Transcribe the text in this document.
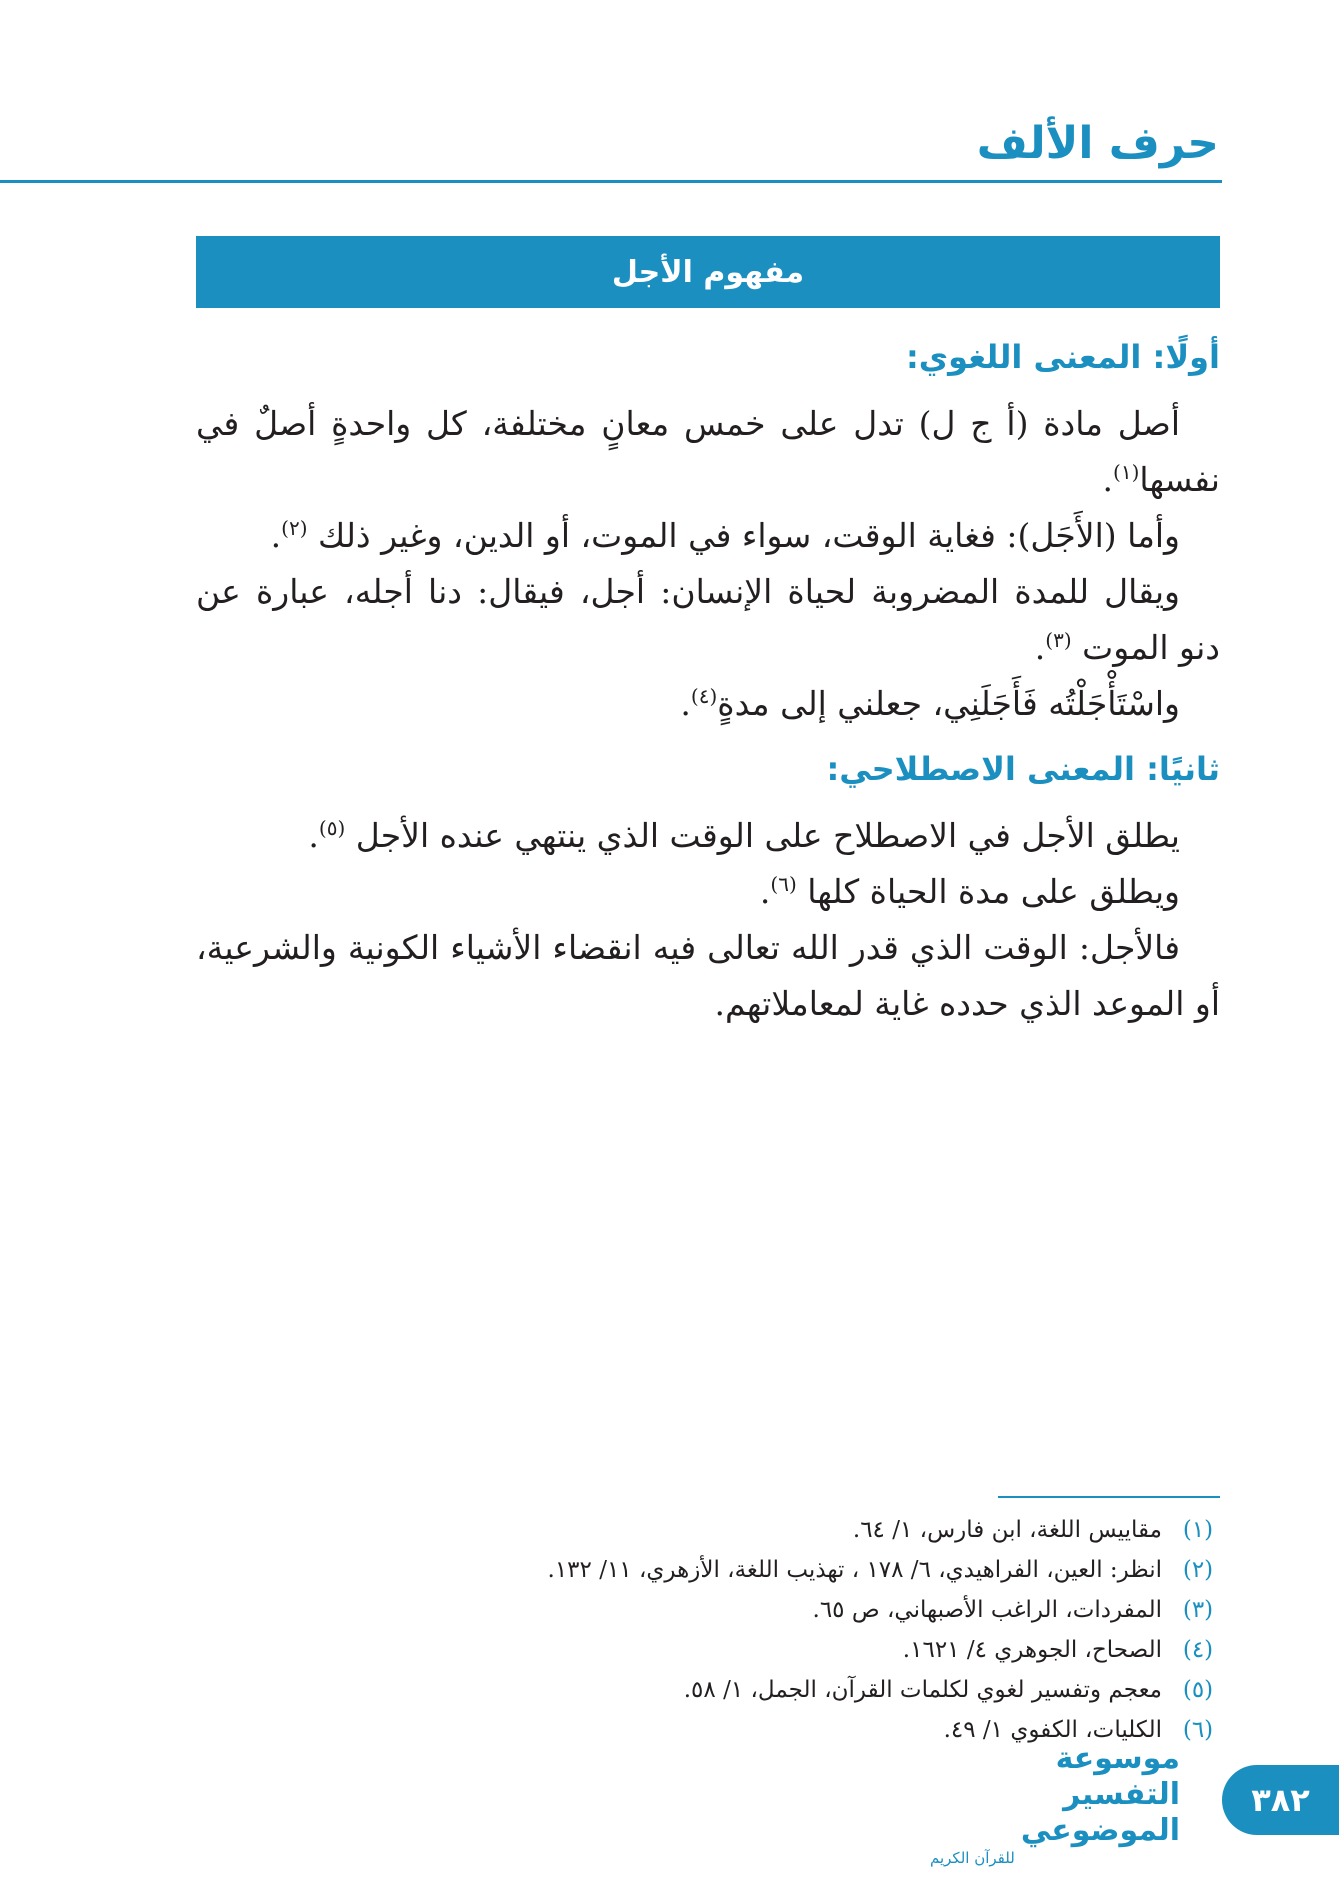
حرف الألف
مفهوم الأجل
أولًا: المعنى اللغوي:

أصل مادة (أ ج ل) تدل على خمس معانٍ مختلفة، كل واحدةٍ أصلٌ في نفسها$^{(١)}$.

وأما (الأَجَل): فغاية الوقت، سواء في الموت، أو الدين، وغير ذلك $^{(٢)}$.

ويقال للمدة المضروبة لحياة الإنسان: أجل، فيقال: دنا أجله، عبارة عن دنو الموت $^{(٣)}$.

واسْتَأْجَلْتُه فَأَجَلَنِي، جعلني إلى مدةٍ$^{(٤)}$.

ثانيًا: المعنى الاصطلاحي:

يطلق الأجل في الاصطلاح على الوقت الذي ينتهي عنده الأجل $^{(٥)}$.

ويطلق على مدة الحياة كلها $^{(٦)}$.

فالأجل: الوقت الذي قدر الله تعالى فيه انقضاء الأشياء الكونية والشرعية، أو الموعد الذي حدده غاية لمعاملاتهم.

(١)
مقاييس اللغة، ابن فارس، ١/ ٦٤.
(٢)
انظر: العين، الفراهيدي، ٦/ ١٧٨ ، تهذيب اللغة، الأزهري، ١١/ ١٣٢.
(٣)
المفردات، الراغب الأصبهاني، ص ٦٥.
(٤)
الصحاح، الجوهري ٤/ ١٦٢١.
(٥)
معجم وتفسير لغوي لكلمات القرآن، الجمل، ١/ ٥٨.
(٦)
الكليات، الكفوي ١/ ٤٩.
موسوعة التفسير الموضوعي
للقرآن الكريم
٣٨٢
